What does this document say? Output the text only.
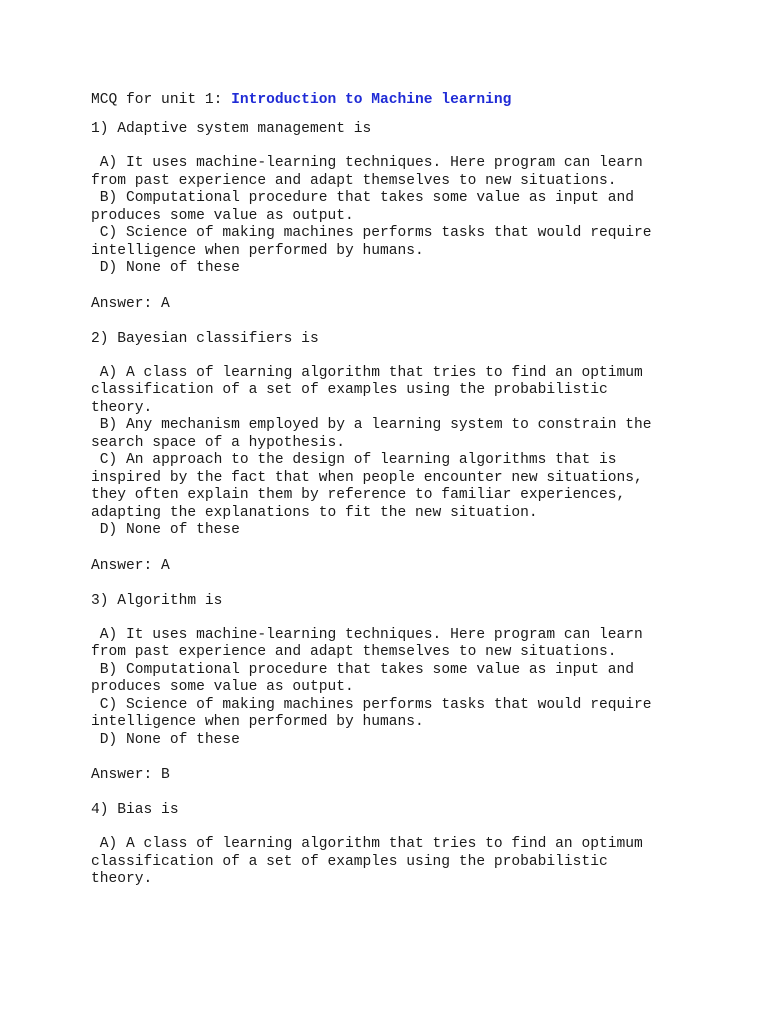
MCQ for unit 1: Introduction to Machine learning
1) Adaptive system management is
A) It uses machine-learning techniques. Here program can learn
from past experience and adapt themselves to new situations.
B) Computational procedure that takes some value as input and
produces some value as output.
C) Science of making machines performs tasks that would require
intelligence when performed by humans.
D) None of these
Answer: A
2) Bayesian classifiers is
A) A class of learning algorithm that tries to find an optimum
classification of a set of examples using the probabilistic
theory.
B) Any mechanism employed by a learning system to constrain the
search space of a hypothesis.
C) An approach to the design of learning algorithms that is
inspired by the fact that when people encounter new situations,
they often explain them by reference to familiar experiences,
adapting the explanations to fit the new situation.
D) None of these
Answer: A
3) Algorithm is
A) It uses machine-learning techniques. Here program can learn
from past experience and adapt themselves to new situations.
B) Computational procedure that takes some value as input and
produces some value as output.
C) Science of making machines performs tasks that would require
intelligence when performed by humans.
D) None of these
Answer: B
4) Bias is
A) A class of learning algorithm that tries to find an optimum
classification of a set of examples using the probabilistic
theory.
